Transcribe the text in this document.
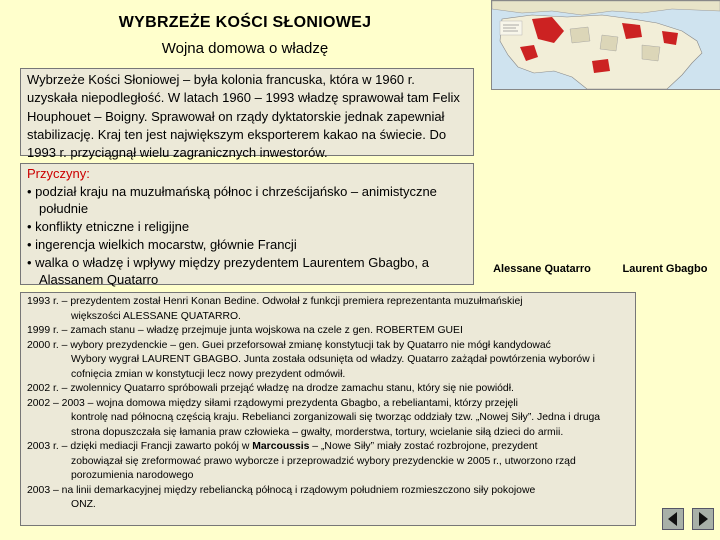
WYBRZEŻE KOŚCI SŁONIOWEJ
Wojna domowa o władzę
Wybrzeże Kości Słoniowej – była kolonia francuska, która w 1960 r. uzyskała niepodległość. W latach 1960 – 1993 władzę sprawował tam Felix Houphouet – Boigny. Sprawował on rządy dyktatorskie jednak zapewniał stabilizację. Kraj ten jest największym eksporterem kakao na świecie. Do 1993 r. przyciągnął wielu zagranicznych inwestorów.
Przyczyny:
• podział kraju na muzułmańską północ i chrześcijańsko – animistyczne południe
• konflikty etniczne i religijne
• ingerencja wielkich mocarstw, głównie Francji
• walka o władzę i wpływy między prezydentem Laurentem Gbagbo, a Alassanem Quatarro
Alessane Quatarro	Laurent Gbagbo
1993 r. – prezydentem został Henri Konan Bedine. Odwołał z funkcji premiera reprezentanta muzułmańskiej
większości ALESSANE QUATARRO.
1999 r. – zamach stanu – władzę przejmuje junta wojskowa na czele z gen. ROBERTEM GUEI
2000 r. – wybory prezydenckie – gen. Guei przeforsował zmianę konstytucji tak by Quatarro nie mógł kandydować
Wybory wygrał LAURENT GBAGBO. Junta została odsunięta od władzy. Quatarro zażądał powtórzenia wyborów i cofnięcia zmian w konstytucji lecz nowy prezydent odmówił.
2002 r. – zwolennicy Quatarro spróbowali przejąć władzę na drodze zamachu stanu, który się nie powiódł.
2002 – 2003 – wojna domowa między siłami rządowymi prezydenta Gbagbo, a rebeliantami, którzy przejęli
kontrolę nad północną częścią kraju. Rebelianci zorganizowali się tworząc oddziały tzw. „Nowej Siły”. Jedna i druga strona dopuszczała się łamania praw człowieka – gwałty, morderstwa, tortury, wcielanie siłą dzieci do armii.
2003 r. – dzięki mediacji Francji zawarto pokój w Marcoussis – „Nowe Siły” miały zostać rozbrojone, prezydent
zobowiązał się zreformować prawo wyborcze i przeprowadzić wybory prezydenckie w 2005 r., utworzono rząd porozumienia narodowego
2003 – na linii demarkacyjnej między rebeliancką północą i rządowym południem rozmieszczono siły pokojowe
ONZ.
